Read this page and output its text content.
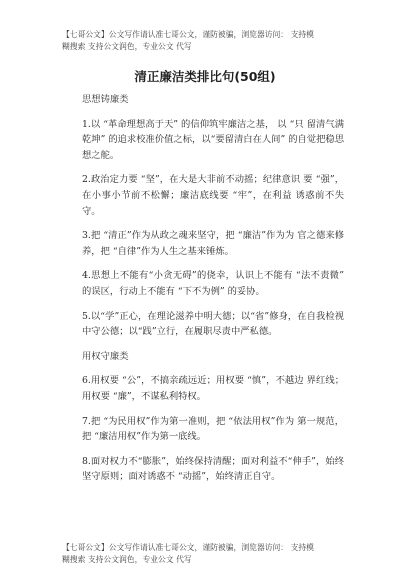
【七哥公文】公文写作请认准七哥公文，谨防被骗，浏览器访问： 支持模
糊搜索 支持公文润色，专业公文 代写
清正廉洁类排比句(50组)

思想铸廉类

1.以 “革命理想高于天” 的信仰筑牢廉洁之基， 以 “只 留清气满乾坤” 的追求校准价值之标，以“要留清白在人间” 的自觉把稳思想之舵。

2.政治定力要 “坚”，在大是大非前不动摇；纪律意识 要 “强”，在小事小节前不松懈；廉洁底线要 “牢”，在利益 诱惑前不失守。

3.把 “清正”作为从政之魂来坚守，把 “廉洁”作为为 官之德来修养，把 “自律”作为人生之基来锤炼。

4.思想上不能有“小贪无碍”的侥幸，认识上不能有 “法不责微” 的误区，行动上不能有 “下不为例” 的妥协。

5.以“学”正心，在理论滋养中明大德；以“省”修身，在自我检视中守公德；以“践”立行，在履职尽责中严私德。

用权守廉类

6.用权要 “公”，不搞亲疏远近；用权要 “慎”，不越边 界红线；用权要 “廉”，不谋私利特权。

7.把 “为民用权”作为第一准则，把 “依法用权”作为 第一规范，把 “廉洁用权”作为第一底线。

8.面对权力不“膨胀”，始终保持清醒；面对利益不“伸手”，始终坚守原则；面对诱惑不 “动摇”，始终清正自守。

【七哥公文】公文写作请认准七哥公文，谨防被骗，浏览器访问： 支持模
糊搜索 支持公文润色，专业公文 代写
